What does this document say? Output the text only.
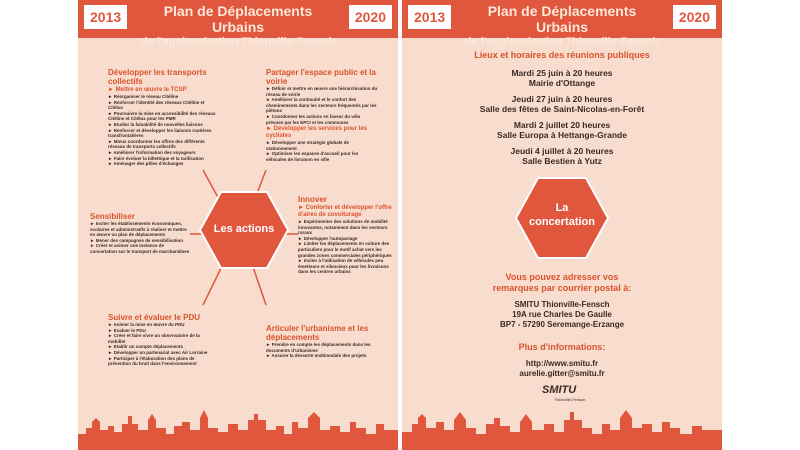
2013	Plan de Déplacements Urbains
de l'agglomération Thionville-Fensch
2020
Développer les transports collectifs

► Mettre en œuvre le TCSP

► Réorganiser le réseau Citéline

► Renforcer l'identité des réseaux Citéline et Citélux

► Poursuivre la mise en accessibilité des réseaux Citéline et Citélux pour les PMR

► Etudier la faisabilité de nouvelles liaisons

► Renforcer et développer les liaisons routières transfrontalières

► Mieux coordonner les offres des différents réseaux de transports collectifs

► Améliorer l'information des voyageurs

► Faire évoluer la billettique et la tarification

► Aménager des pôles d'échanges

Partager l'espace public et la voirie

► Définir et mettre en œuvre une hiérarchisation du réseau de voirie

► Améliorer la continuité et le confort des cheminements dans les secteurs fréquentés par les piétons

► Coordonner les actions en faveur du vélo prévues par les EPCI et les communes

► Développer les services pour les cyclistes

► Développer une stratégie globale de stationnement

► Optimiser les espaces d'accueil pour les véhicules de livraison en ville

Les actions
Sensibiliser

► Inciter les établissements économiques, scolaires et administratifs à réaliser et mettre en œuvre un plan de déplacements

► Mener des campagnes de sensibilisation

► Créer et animer une instance de concertation sur le transport de marchandises

Innover

► Conforter et développer l'offre d'aires de covoiturage

► Expérimenter des solutions de mobilité innovantes, notamment dans les secteurs ruraux

► Développer l'autopartage

► Limiter les déplacements en voiture des particuliers pour le motif achat vers les grandes zones commerciales périphériques

► Inciter à l'utilisation de véhicules peu émetteurs et silencieux pour les livraisons dans les centres urbains

Suivre et évaluer le PDU

► Animer la mise en œuvre du PDU

► Evaluer le PDU

► Créer et faire vivre un observatoire de la mobilité

► Etablir un compte déplacements

► Développer un partenariat avec Air Lorraine

► Participer à l'élaboration des plans de prévention du bruit dans l'environnement

Articuler l'urbanisme et les déplacements

► Prendre en compte les déplacements dans les documents d'urbanisme

► Assurer la desserte multimodale des projets

2013	Plan de Déplacements Urbains
de l'agglomération Thionville-Fensch
2020
Lieux et horaires des réunions publiques
Mardi 25 juin à 20 heures
Mairie d'Ottange
Jeudi 27 juin à 20 heures
Salle des fêtes de Saint-Nicolas-en-Forêt
Mardi 2 juillet 20 heures
Salle Europa à Hettange-Grande
Jeudi 4 juillet à 20 heures
Salle Bestien à Yutz
La
concertation
Vous pouvez adresser vos
remarques par courrier postal à:
SMITU Thionville-Fensch
19A rue Charles De Gaulle
BP7 - 57290 Seremange-Erzange
Plus d'informations:
http://www.smitu.fr
aurelie.gitter@smitu.fr
SMITU
Thionville-Fensch
